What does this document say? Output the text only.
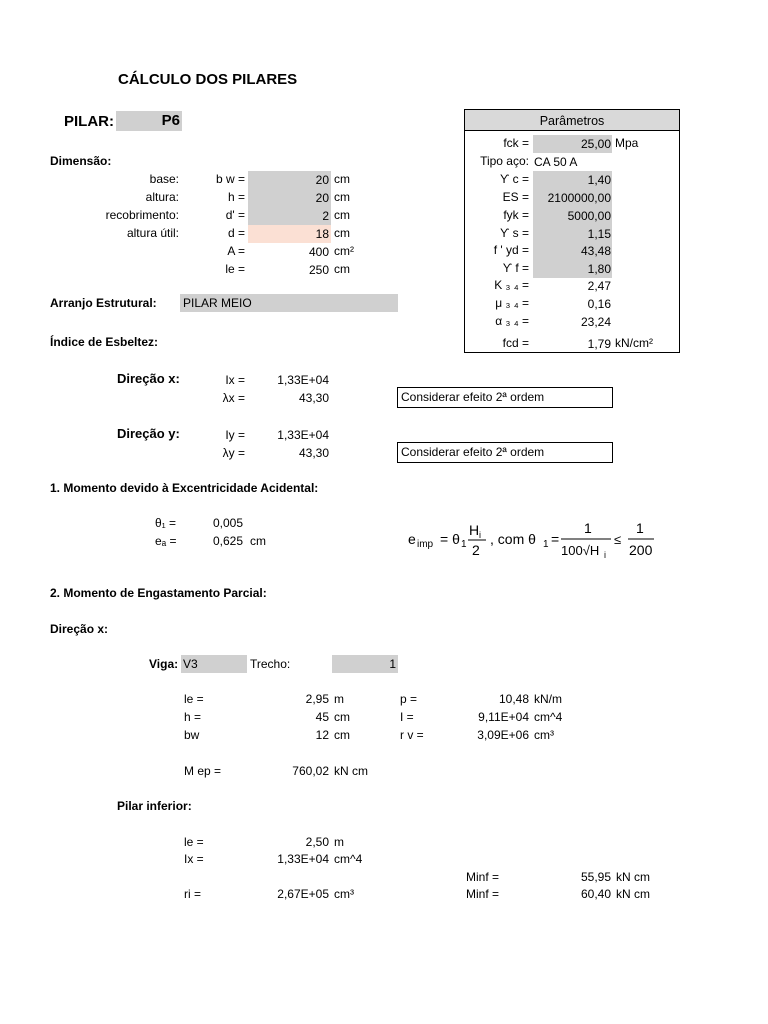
CÁLCULO DOS PILARES
PILAR:	P6
Dimensão:
base:	b w =	20 cm
altura:	h =	20 cm
recobrimento:	d' =	2 cm
altura útil:	d =	18 cm
A =	400 cm²
le =	250 cm
Parâmetros
fck =	25,00 Mpa
Tipo aço: CA 50 A
ϒ c =	1,40
ES =	2100000,00
fyk =	5000,00
ϒ s =	1,15
f ' yd =	43,48
ϒ f =	1,80
K ₃ ₄ =	2,47
μ ₃ ₄ =	0,16
α ₃ ₄ =	23,24
fcd =	1,79 kN/cm²
Arranjo Estrutural: PILAR MEIO
Índice de Esbeltez:
Direção x:	Ix =	1,33E+04
λx =	43,30	Considerar efeito 2ª ordem
Direção y:	Iy =	1,33E+04
λy =	43,30	Considerar efeito 2ª ordem
1. Momento devido à Excentricidade Acidental:
θ₁ =	0,005
eₐ =	0,625 cm	e imp = θ 1
H i
2
, com θ 1 =
1
100√H i
≤
1
200
2. Momento de Engastamento Parcial:
Direção x:
Viga: V3	Trecho:	1
le =	2,95 m
h =	45 cm
bw	12 cm
p =	10,48 kN/m
I =	9,11E+04 cm^4
r v =	3,09E+06 cm³
M ep =	760,02 kN cm
Pilar inferior:
le =	2,50 m
Ix =	1,33E+04 cm^4
Minf =	55,95 kN cm
ri =	2,67E+05 cm³	Minf =	60,40 kN cm
